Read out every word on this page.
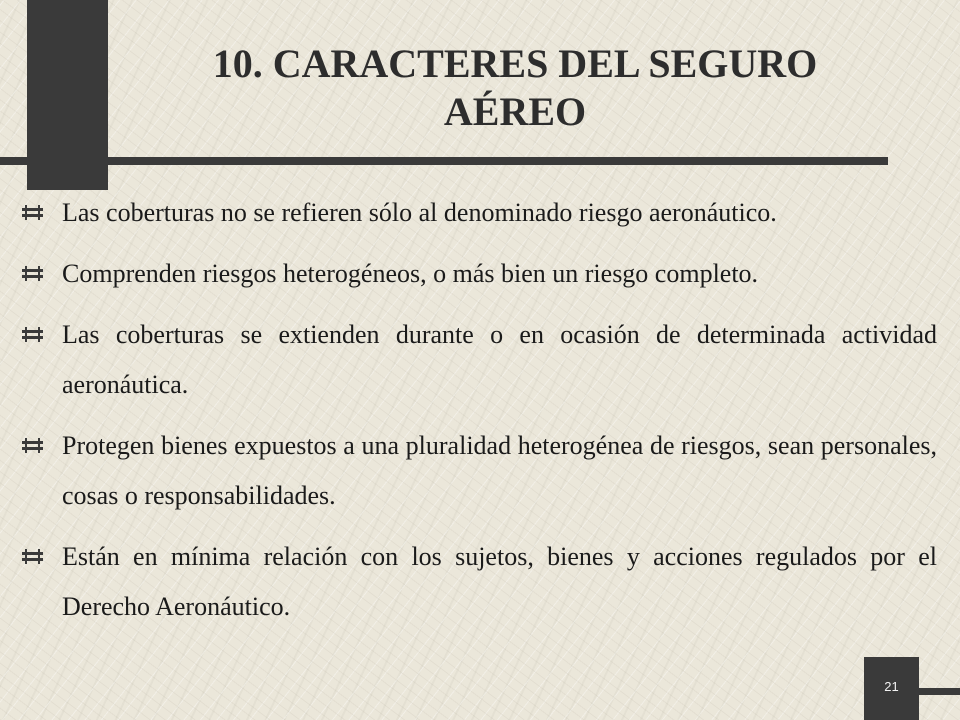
10. CARACTERES DEL SEGURO AÉREO
Las coberturas no se refieren sólo al denominado riesgo aeronáutico.
Comprenden riesgos heterogéneos, o más bien un riesgo completo.
Las coberturas se extienden durante o en ocasión de determinada actividad aeronáutica.
Protegen bienes expuestos a una pluralidad heterogénea de riesgos, sean personales, cosas o responsabilidades.
Están en mínima relación con los sujetos, bienes y acciones regulados por el Derecho Aeronáutico.
21
